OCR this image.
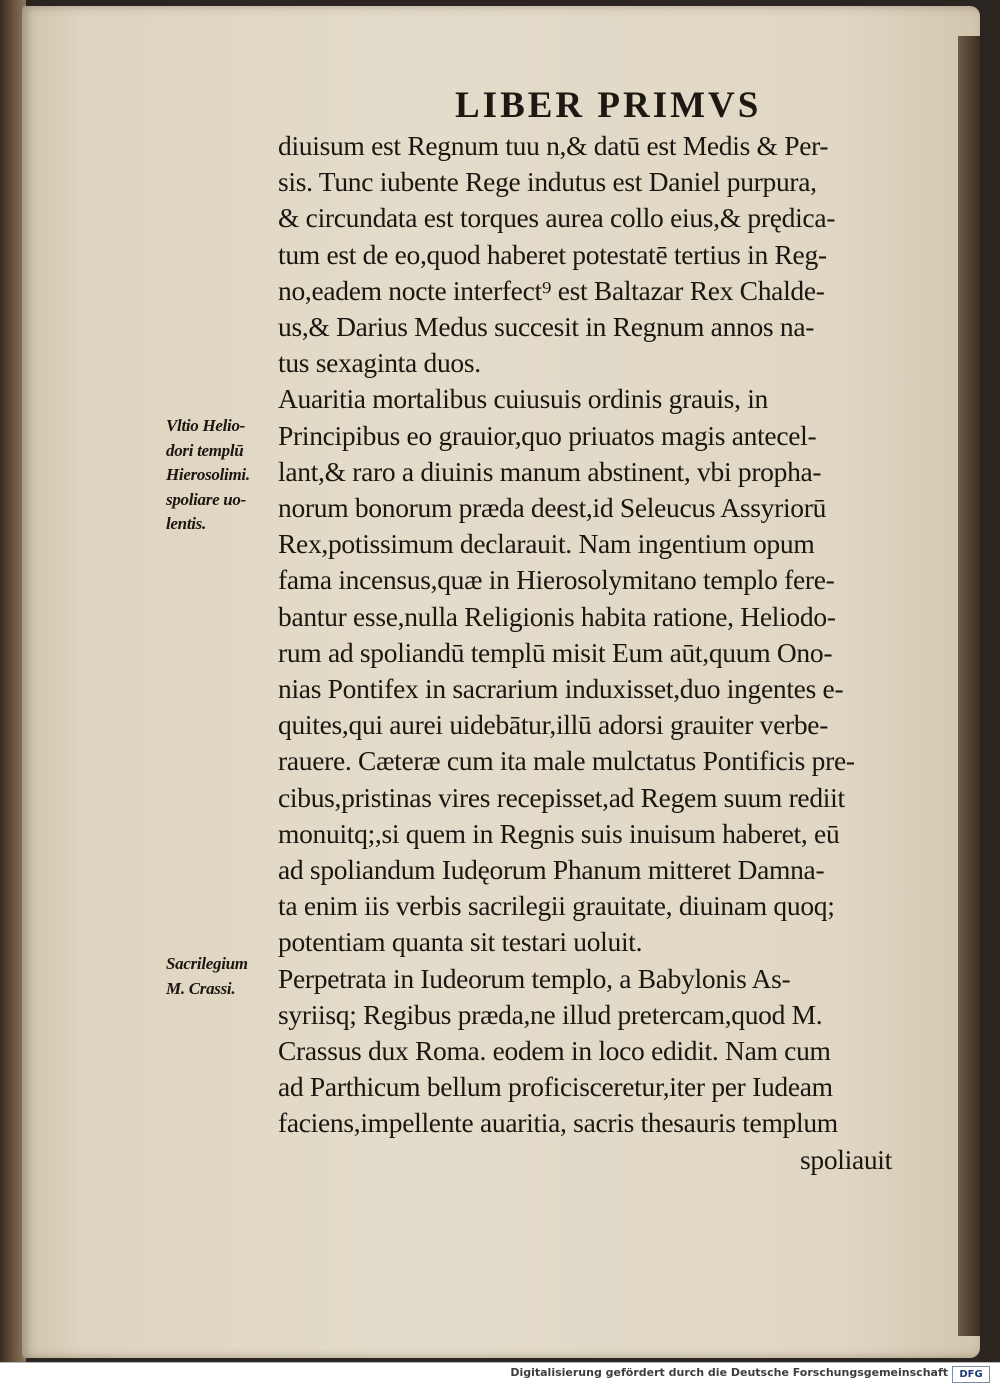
LIBER PRIMVS
diuisum est Regnum tuu n,& datū est Medis & Per-
sis. Tunc iubente Rege indutus est Daniel purpura,
& circundata est torques aurea collo eius,& prędica-
tum est de eo,quod haberet potestatē tertius in Reg-
no,eadem nocte interfect⁹ est Baltazar Rex Chalde-
us,& Darius Medus succesit in Regnum annos na-
tus sexaginta duos.
Auaritia mortalibus cuiusuis ordinis grauis, in
Principibus eo grauior,quo priuatos magis antecel-
lant,& raro a diuinis manum abstinent, vbi propha-
norum bonorum præda deest,id Seleucus Assyriorū
Rex,potissimum declarauit. Nam ingentium opum
fama incensus,quæ in Hierosolymitano templo fere-
bantur esse,nulla Religionis habita ratione, Heliodo-
rum ad spoliandū templū misit Eum aūt,quum Ono-
nias Pontifex in sacrarium induxisset,duo ingentes e-
quites,qui aurei uidebātur,illū adorsi grauiter verbe-
rauere. Cæteræ cum ita male mulctatus Pontificis pre-
cibus,pristinas vires recepisset,ad Regem suum rediit
monuitq;,si quem in Regnis suis inuisum haberet, eū
ad spoliandum Iudęorum Phanum mitteret Damna-
ta enim iis verbis sacrilegii grauitate, diuinam quoq;
potentiam quanta sit testari uoluit.
Perpetrata in Iudeorum templo, a Babylonis As-
syriisq; Regibus præda,ne illud pretercam,quod M.
Crassus dux Roma. eodem in loco edidit. Nam cum
ad Parthicum bellum proficisceretur,iter per Iudeam
faciens,impellente auaritia, sacris thesauris templum
spoliauit
Vltio Helio-
dori templū
Hierosolimi.
spoliare uo-
lentis.
Sacrilegium
M. Crassi.
Digitalisierung gefördert durch die Deutsche Forschungsgemeinschaft	DFG
